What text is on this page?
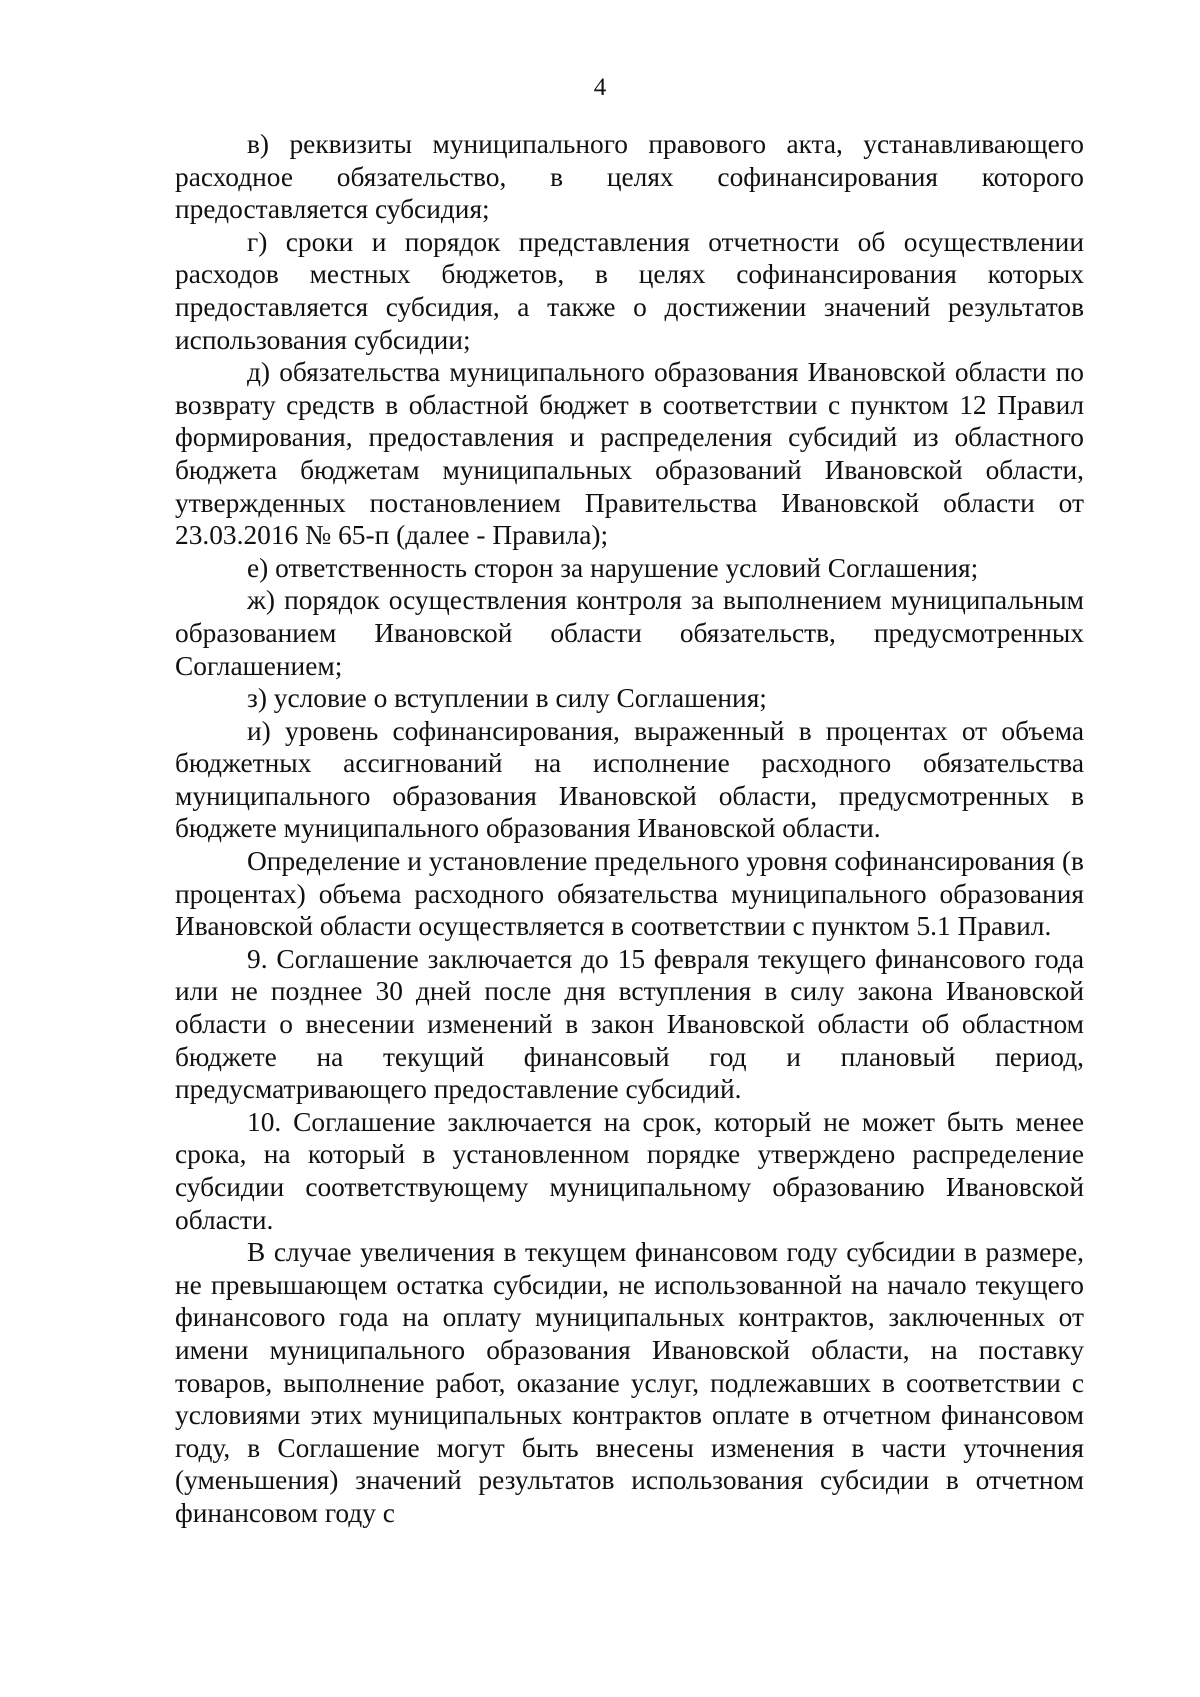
4

в) реквизиты муниципального правового акта, устанавливающего расходное обязательство, в целях софинансирования которого предоставляется субсидия;

г) сроки и порядок представления отчетности об осуществлении расходов местных бюджетов, в целях софинансирования которых предоставляется субсидия, а также о достижении значений результатов использования субсидии;

д) обязательства муниципального образования Ивановской области по возврату средств в областной бюджет в соответствии с пунктом 12 Правил формирования, предоставления и распределения субсидий из областного бюджета бюджетам муниципальных образований Ивановской области, утвержденных постановлением Правительства Ивановской области от 23.03.2016 № 65-п (далее - Правила);

е) ответственность сторон за нарушение условий Соглашения;

ж) порядок осуществления контроля за выполнением муниципальным образованием Ивановской области обязательств, предусмотренных Соглашением;

з) условие о вступлении в силу Соглашения;

и) уровень софинансирования, выраженный в процентах от объема бюджетных ассигнований на исполнение расходного обязательства муниципального образования Ивановской области, предусмотренных в бюджете муниципального образования Ивановской области.

Определение и установление предельного уровня софинансирования (в процентах) объема расходного обязательства муниципального образования Ивановской области осуществляется в соответствии с пунктом 5.1 Правил.

9. Соглашение заключается до 15 февраля текущего финансового года или не позднее 30 дней после дня вступления в силу закона Ивановской области о внесении изменений в закон Ивановской области об областном бюджете на текущий финансовый год и плановый период, предусматривающего предоставление субсидий.

10. Соглашение заключается на срок, который не может быть менее срока, на который в установленном порядке утверждено распределение субсидии соответствующему муниципальному образованию Ивановской области.

В случае увеличения в текущем финансовом году субсидии в размере, не превышающем остатка субсидии, не использованной на начало текущего финансового года на оплату муниципальных контрактов, заключенных от имени муниципального образования Ивановской области, на поставку товаров, выполнение работ, оказание услуг, подлежавших в соответствии с условиями этих муниципальных контрактов оплате в отчетном финансовом году, в Соглашение могут быть внесены изменения в части уточнения (уменьшения) значений результатов использования субсидии в отчетном финансовом году с
